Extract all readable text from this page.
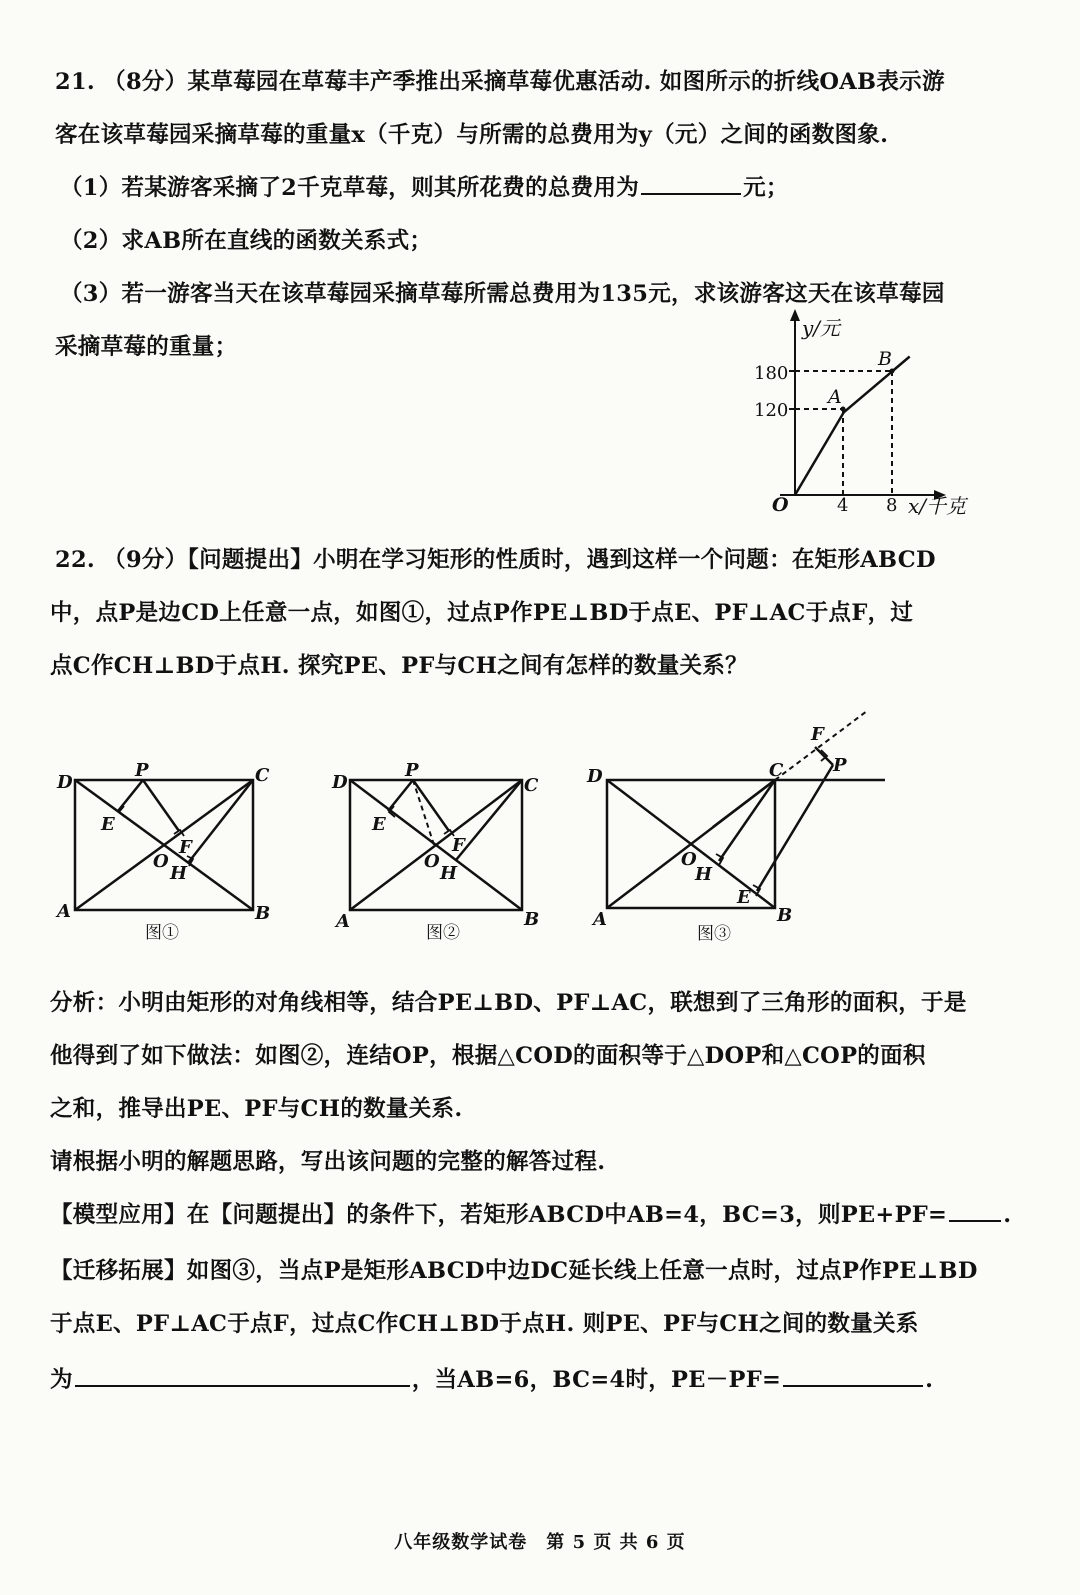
21. （8分）某草莓园在草莓丰产季推出采摘草莓优惠活动. 如图所示的折线OAB表示游
客在该草莓园采摘草莓的重量x（千克）与所需的总费用为y（元）之间的函数图象.
（1）若某游客采摘了2千克草莓，则其所花费的总费用为	元；
（2）求AB所在直线的函数关系式；
（3）若一游客当天在该草莓园采摘草莓所需总费用为135元，求该游客这天在该草莓园
采摘草莓的重量；
y/元
180
120
A
B
O	4 8 x/千克
22. （9分）【问题提出】小明在学习矩形的性质时，遇到这样一个问题：在矩形ABCD
中，点P是边CD上任意一点，如图①，过点P作PE⊥BD于点E、PF⊥AC于点F，过
点C作CH⊥BD于点H. 探究PE、PF与CH之间有怎样的数量关系？
D
P	C
E
F
O
H
A	B
图①
D
P
C
E
F
O
H
A	B
图②
D	C
F
P
O
H
E
A	B
图③
分析：小明由矩形的对角线相等，结合PE⊥BD、PF⊥AC，联想到了三角形的面积，于是
他得到了如下做法：如图②，连结OP，根据△COD的面积等于△DOP和△COP的面积
之和，推导出PE、PF与CH的数量关系.
请根据小明的解题思路，写出该问题的完整的解答过程.
【模型应用】在【问题提出】的条件下，若矩形ABCD中AB=4，BC=3，则PE+PF= .
【迁移拓展】如图③，当点P是矩形ABCD中边DC延长线上任意一点时，过点P作PE⊥BD
于点E、PF⊥AC于点F，过点C作CH⊥BD于点H. 则PE、PF与CH之间的数量关系
为	，当AB=6，BC=4时，PE－PF=	.
八年级数学试卷　第 5 页 共 6 页
